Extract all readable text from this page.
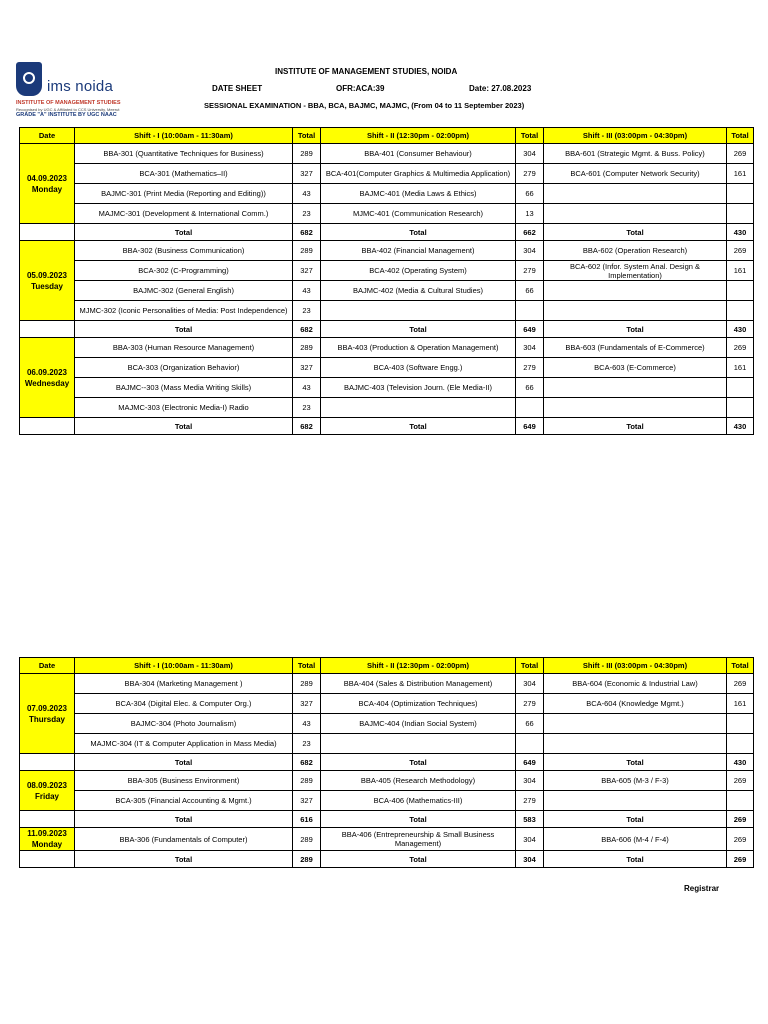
ims noida
INSTITUTE OF MANAGEMENT STUDIES
Recognised by UGC & Affiliated to CCS University, Meerut
GRADE "A" INSTITUTE BY UGC NAAC
INSTITUTE OF MANAGEMENT STUDIES, NOIDA
DATE SHEET	OFR:ACA:39	Date: 27.08.2023
SESSIONAL EXAMINATION - BBA, BCA, BAJMC, MAJMC, (From 04 to 11 September 2023)
Date	Shift - I (10:00am - 11:30am)	Total	Shift - II (12:30pm - 02:00pm)	Total	Shift - III (03:00pm - 04:30pm)	Total

04.09.2023
Monday	BBA-301 (Quantitative Techniques for Business)	289	BBA-401 (Consumer Behaviour)	304	BBA-601 (Strategic Mgmt. & Buss. Policy)	269
	BCA-301 (Mathematics–II)	327	BCA-401(Computer Graphics & Multimedia Application)	279	BCA-601 (Computer Network Security)	161
	BAJMC-301 (Print Media (Reporting and Editing))	43	BAJMC-401 (Media Laws & Ethics)	66		
	MAJMC-301 (Development & International Comm.)	23	MJMC-401 (Communication Research)	13		
	Total	682	Total	662	Total	430

05.09.2023
Tuesday	BBA-302 (Business Communication)	289	BBA-402 (Financial Management)	304	BBA-602 (Operation Research)	269
	BCA-302 (C-Programming)	327	BCA-402 (Operating System)	279	BCA-602 (Infor. System Anal. Design & Implementation)	161
	BAJMC-302 (General English)	43	BAJMC-402 (Media & Cultural Studies)	66		
	MJMC-302 (Iconic Personalities of Media: Post Independence)	23				
	Total	682	Total	649	Total	430

06.09.2023
Wednesday	BBA-303 (Human Resource Management)	289	BBA-403 (Production & Operation Management)	304	BBA-603 (Fundamentals of E-Commerce)	269
	BCA-303 (Organization Behavior)	327	BCA-403 (Software Engg.)	279	BCA-603 (E-Commerce)	161
	BAJMC--303 (Mass Media Writing Skills)	43	BAJMC-403 (Television Journ. (Ele Media-II)	66		
	MAJMC-303 (Electronic Media-I) Radio	23				
	Total	682	Total	649	Total	430
Date	Shift - I (10:00am - 11:30am)	Total	Shift - II (12:30pm - 02:00pm)	Total	Shift - III (03:00pm - 04:30pm)	Total

07.09.2023
Thursday	BBA-304 (Marketing Management )	289	BBA-404 (Sales & Distribution Management)	304	BBA-604 (Economic & Industrial Law)	269
	BCA-304 (Digital Elec. & Computer Org.)	327	BCA-404 (Optimization Techniques)	279	BCA-604 (Knowledge Mgmt.)	161
	BAJMC-304 (Photo Journalism)	43	BAJMC-404 (Indian Social System)	66		
	MAJMC-304 (IT & Computer Application in Mass Media)	23				
	Total	682	Total	649	Total	430

08.09.2023
Friday	BBA-305 (Business Environment)	289	BBA-405 (Research Methodology)	304	BBA-605 (M-3 / F-3)	269
	BCA-305 (Financial Accounting & Mgmt.)	327	BCA-406 (Mathematics-III)	279		
	Total	616	Total	583	Total	269

11.09.2023
Monday	BBA-306 (Fundamentals of Computer)	289	BBA-406 (Entrepreneurship & Small Business Management)	304	BBA-606 (M-4 / F-4)	269
	Total	289	Total	304	Total	269
Registrar
